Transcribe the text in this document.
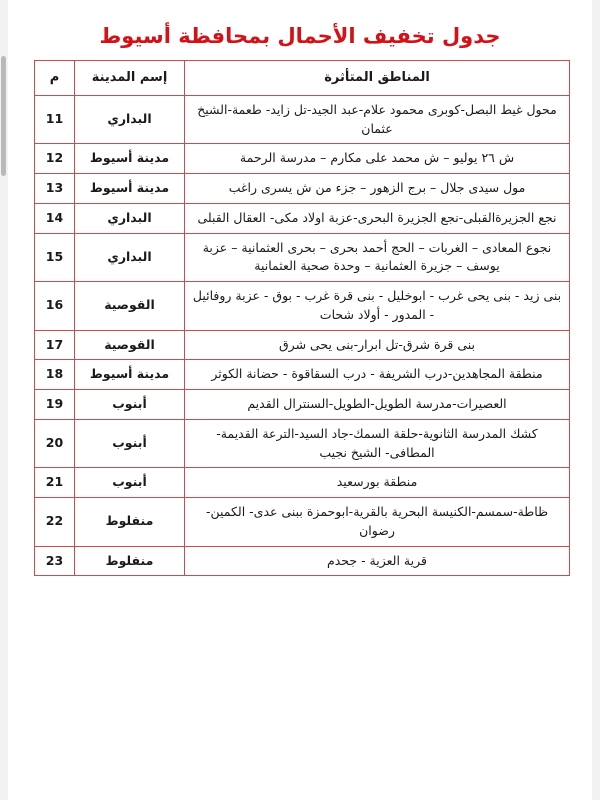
جدول تخفيف الأحمال بمحافظة أسيوط
المناطق المتأثرة	إسم المدينة	م
محول غيط البصل-كوبرى محمود علام-عبد الجيد-تل زايد- طعمة-الشيخ عثمان	البداري	11
ش ٢٦ يوليو – ش محمد على مكارم – مدرسة الرحمة	مدينة أسيوط	12
مول سيدى جلال – برج الزهور – جزء من ش يسرى راغب	مدينة أسيوط	13
نجع الجزيرةالقبلى-نجع الجزيرة البحرى-عزبة اولاد مكى- العقال القبلى	البداري	14
نجوع المعادى – الغربات – الحج أحمد بحرى – بحرى العثمانية – عزبة يوسف – جزيرة العثمانية – وحدة صحية العثمانية	البداري	15
بنى زيد - بنى يحى غرب - ابوخليل - بنى قرة غرب - بوق - عزبة روفائيل - المدور - أولاد شحات	القوصية	16
بنى قرة شرق-تل ابرار-بنى يحى شرق	القوصية	17
منطقة المجاهدين-درب الشريفة - درب السقاقوة - حضانة الكوثر	مدينة أسيوط	18
العصيرات-مدرسة الطويل-الطويل-السنترال القديم	أبنوب	19
كشك المدرسة الثانوية-حلقة السمك-جاد السيد-الترعة القديمة- المطافى- الشيخ نجيب	أبنوب	20
منطقة بورسعيد	أبنوب	21
ظاطة-سمسم-الكنيسة البحرية بالقرية-ابوحمزة ببنى عدى- الكمين-رضوان	منفلوط	22
قرية العزية - جحدم	منفلوط	23
